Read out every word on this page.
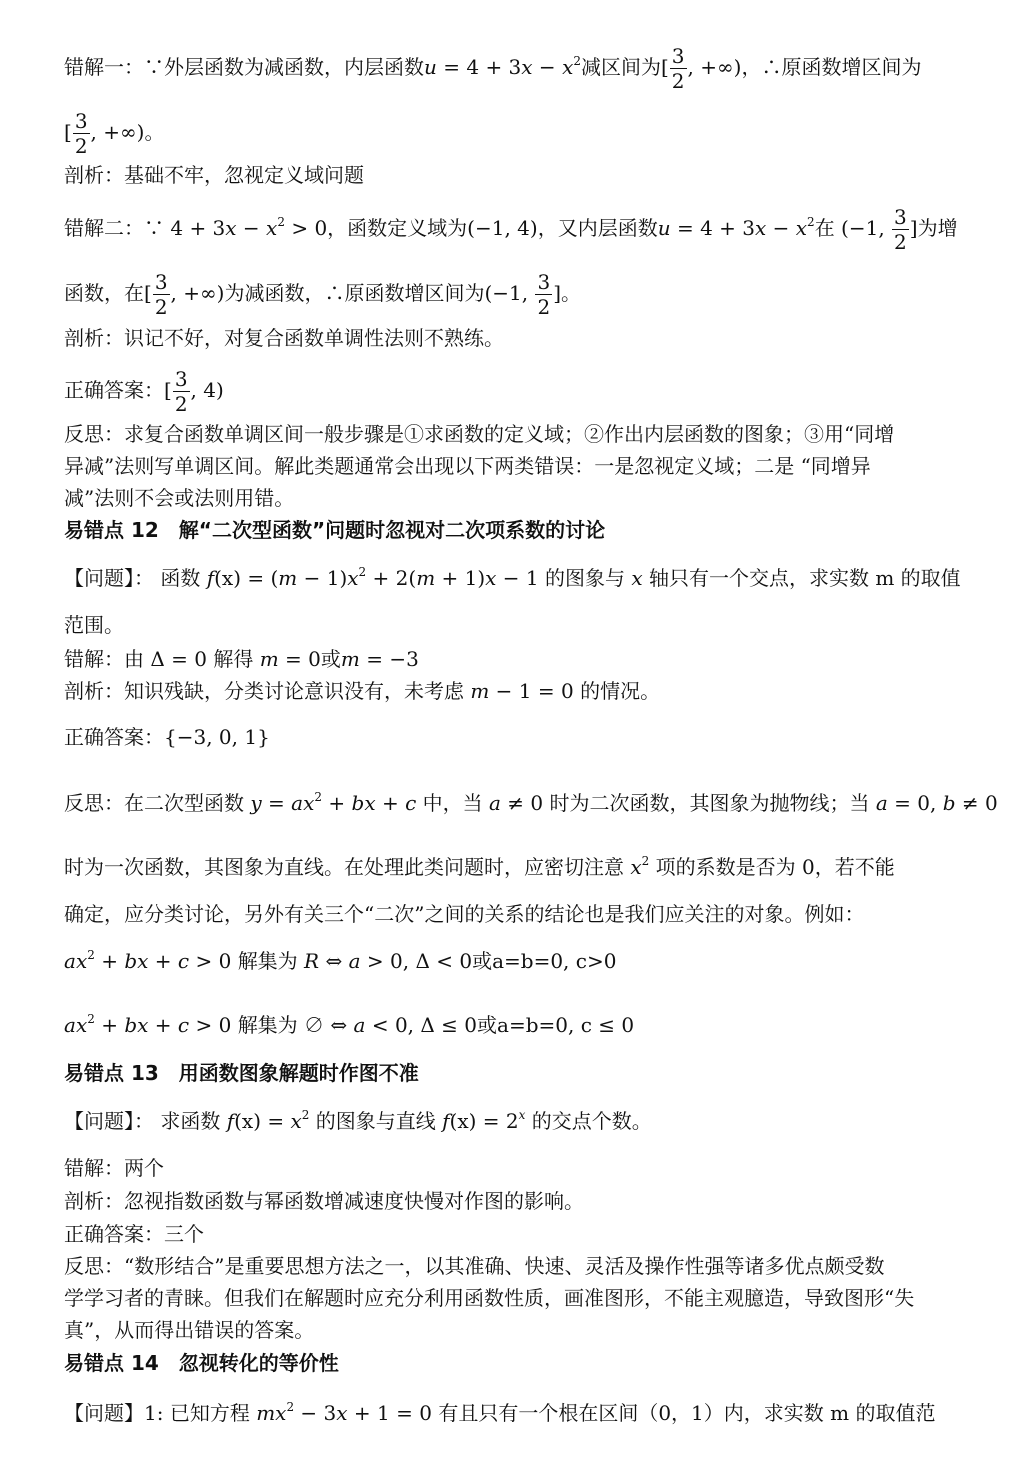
错解一：∵外层函数为减函数，内层函数$u = 4 + 3x - x^2$减区间为[ $\frac{3}{2}$ , +∞)，∴原函数增区间为
[ $\frac{3}{2}$ , +∞)。
剖析：基础不牢，忽视定义域问题
错解二：∵ $4 + 3x - x^2 > 0$，函数定义域为(−1, 4)，又内层函数$u = 4 + 3x - x^2$在 (−1, $\frac{3}{2}$ ]为增
函数，在[ $\frac{3}{2}$ , +∞)为减函数，∴原函数增区间为(−1, $\frac{3}{2}$ ]。
剖析：识记不好，对复合函数单调性法则不熟练。
正确答案：[ $\frac{3}{2}$ , 4)
反思：求复合函数单调区间一般步骤是①求函数的定义域；②作出内层函数的图象；③用“同增
异减”法则写单调区间。解此类题通常会出现以下两类错误：一是忽视定义域；二是 “同增异
减”法则不会或法则用错。
易错点 12　解“二次型函数”问题时忽视对二次项系数的讨论
【问题】： 函数 $f(x) = (m - 1)x^2 + 2(m + 1)x - 1$ 的图象与 x 轴只有一个交点，求实数 m 的取值
范围。
错解：由 Δ = 0 解得 m = 0或m = −3
剖析：知识残缺，分类讨论意识没有，未考虑 m − 1 = 0 的情况。
正确答案：{−3, 0, 1}
反思：在二次型函数 $y = ax^2$ + bx + c 中，当 a ≠ 0 时为二次函数，其图象为抛物线；当 a = 0, b ≠ 0
时为一次函数，其图象为直线。在处理此类问题时，应密切注意 $x^2$ 项的系数是否为 0，若不能
确定，应分类讨论，另外有关三个“二次”之间的关系的结论也是我们应关注的对象。例如：
$ax^2$ + bx + c > 0 解集为 R ⇔ a > 0, Δ < 0或a=b=0, c>0
$ax^2$ + bx + c > 0 解集为 ∅ ⇔ a < 0, Δ ≤ 0或a=b=0, c ≤ 0
易错点 13　用函数图象解题时作图不准
【问题】： 求函数 $f(x) = x^2$ 的图象与直线 $f(x) = 2^x$ 的交点个数。
错解：两个
剖析：忽视指数函数与幂函数增减速度快慢对作图的影响。
正确答案：三个
反思：“数形结合”是重要思想方法之一，以其准确、快速、灵活及操作性强等诸多优点颇受数
学学习者的青睐。但我们在解题时应充分利用函数性质，画准图形，不能主观臆造，导致图形“失
真”，从而得出错误的答案。
易错点 14　忽视转化的等价性
【问题】1: 已知方程 $mx^2 - 3x + 1 = 0$ 有且只有一个根在区间（0，1）内，求实数 m 的取值范
